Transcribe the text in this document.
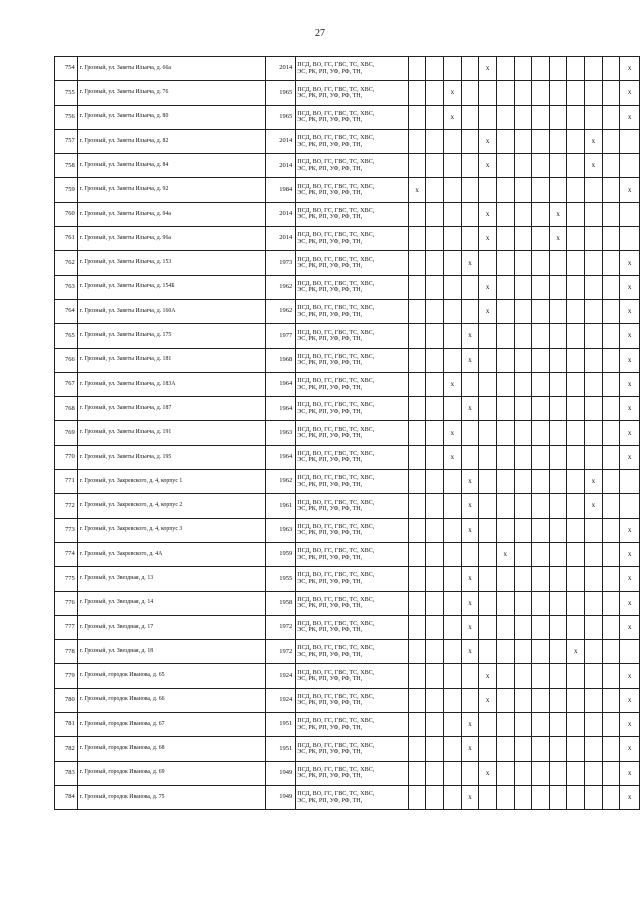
27
754	г. Грозный, ул. Заветы Ильича, д. 66а	2014	ПСД, ВО, ГС, ГВС, ТС, ХВС,
ЭС, РК, РП, УФ, РФ, ТН,					x								x
755	г. Грозный, ул. Заветы Ильича, д. 76	1965	ПСД, ВО, ГС, ГВС, ТС, ХВС,
ЭС, РК, РП, УФ, РФ, ТН,			x										x
756	г. Грозный, ул. Заветы Ильича, д. 80	1965	ПСД, ВО, ГС, ГВС, ТС, ХВС,
ЭС, РК, РП, УФ, РФ, ТН,			x										x
757	г. Грозный, ул. Заветы Ильича, д. 82	2014	ПСД, ВО, ГС, ГВС, ТС, ХВС,
ЭС, РК, РП, УФ, РФ, ТН,					x						x		
758	г. Грозный, ул. Заветы Ильича, д. 84	2014	ПСД, ВО, ГС, ГВС, ТС, ХВС,
ЭС, РК, РП, УФ, РФ, ТН,					x						x		
759	г. Грозный, ул. Заветы Ильича, д. 92	1984	ПСД, ВО, ГС, ГВС, ТС, ХВС,
ЭС, РК, РП, УФ, РФ, ТН,	x												x
760	г. Грозный, ул. Заветы Ильича, д. 94а	2014	ПСД, ВО, ГС, ГВС, ТС, ХВС,
ЭС, РК, РП, УФ, РФ, ТН,					x				x				
761	г. Грозный, ул. Заветы Ильича, д. 96а	2014	ПСД, ВО, ГС, ГВС, ТС, ХВС,
ЭС, РК, РП, УФ, РФ, ТН,					x				x				
762	г. Грозный, ул. Заветы Ильича, д. 153	1973	ПСД, ВО, ГС, ГВС, ТС, ХВС,
ЭС, РК, РП, УФ, РФ, ТН,				x									x
763	г. Грозный, ул. Заветы Ильича, д. 154Б	1962	ПСД, ВО, ГС, ГВС, ТС, ХВС,
ЭС, РК, РП, УФ, РФ, ТН,					x								x
764	г. Грозный, ул. Заветы Ильича, д. 160А	1962	ПСД, ВО, ГС, ГВС, ТС, ХВС,
ЭС, РК, РП, УФ, РФ, ТН,					x								x
765	г. Грозный, ул. Заветы Ильича, д. 175	1977	ПСД, ВО, ГС, ГВС, ТС, ХВС,
ЭС, РК, РП, УФ, РФ, ТН,				x									x
766	г. Грозный, ул. Заветы Ильича, д. 181	1968	ПСД, ВО, ГС, ГВС, ТС, ХВС,
ЭС, РК, РП, УФ, РФ, ТН,				x									x
767	г. Грозный, ул. Заветы Ильича, д. 183А	1964	ПСД, ВО, ГС, ГВС, ТС, ХВС,
ЭС, РК, РП, УФ, РФ, ТН,			x										x
768	г. Грозный, ул. Заветы Ильича, д. 187	1964	ПСД, ВО, ГС, ГВС, ТС, ХВС,
ЭС, РК, РП, УФ, РФ, ТН,				x									x
769	г. Грозный, ул. Заветы Ильича, д. 191	1963	ПСД, ВО, ГС, ГВС, ТС, ХВС,
ЭС, РК, РП, УФ, РФ, ТН,			x										x
770	г. Грозный, ул. Заветы Ильича, д. 195	1964	ПСД, ВО, ГС, ГВС, ТС, ХВС,
ЭС, РК, РП, УФ, РФ, ТН,			x										x
771	г. Грозный, ул. Закревского, д. 4, корпус 1	1962	ПСД, ВО, ГС, ГВС, ТС, ХВС,
ЭС, РК, РП, УФ, РФ, ТН,				x							x		
772	г. Грозный, ул. Закревского, д. 4, корпус 2	1961	ПСД, ВО, ГС, ГВС, ТС, ХВС,
ЭС, РК, РП, УФ, РФ, ТН,				x							x		
773	г. Грозный, ул. Закревского, д. 4, корпус 3	1963	ПСД, ВО, ГС, ГВС, ТС, ХВС,
ЭС, РК, РП, УФ, РФ, ТН,				x									x
774	г. Грозный, ул. Закревского, д. 4А	1959	ПСД, ВО, ГС, ГВС, ТС, ХВС,
ЭС, РК, РП, УФ, РФ, ТН,						x							x
775	г. Грозный, ул. Звездная, д. 13	1955	ПСД, ВО, ГС, ГВС, ТС, ХВС,
ЭС, РК, РП, УФ, РФ, ТН,				x									x
776	г. Грозный, ул. Звездная, д. 14	1958	ПСД, ВО, ГС, ГВС, ТС, ХВС,
ЭС, РК, РП, УФ, РФ, ТН,				x									x
777	г. Грозный, ул. Звездная, д. 17	1972	ПСД, ВО, ГС, ГВС, ТС, ХВС,
ЭС, РК, РП, УФ, РФ, ТН,				x									x
778	г. Грозный, ул. Звездная, д. 18	1972	ПСД, ВО, ГС, ГВС, ТС, ХВС,
ЭС, РК, РП, УФ, РФ, ТН,				x						x			
779	г. Грозный, городок Иванова, д. 65	1924	ПСД, ВО, ГС, ГВС, ТС, ХВС,
ЭС, РК, РП, УФ, РФ, ТН,					x								x
780	г. Грозный, городок Иванова, д. 66	1924	ПСД, ВО, ГС, ГВС, ТС, ХВС,
ЭС, РК, РП, УФ, РФ, ТН,					x								x
781	г. Грозный, городок Иванова, д. 67	1951	ПСД, ВО, ГС, ГВС, ТС, ХВС,
ЭС, РК, РП, УФ, РФ, ТН,				x									x
782	г. Грозный, городок Иванова, д. 68	1951	ПСД, ВО, ГС, ГВС, ТС, ХВС,
ЭС, РК, РП, УФ, РФ, ТН,				x									x
783	г. Грозный, городок Иванова, д. 69	1949	ПСД, ВО, ГС, ГВС, ТС, ХВС,
ЭС, РК, РП, УФ, РФ, ТН,					x								x
784	г. Грозный, городок Иванова, д. 75	1949	ПСД, ВО, ГС, ГВС, ТС, ХВС,
ЭС, РК, РП, УФ, РФ, ТН,				x									x
